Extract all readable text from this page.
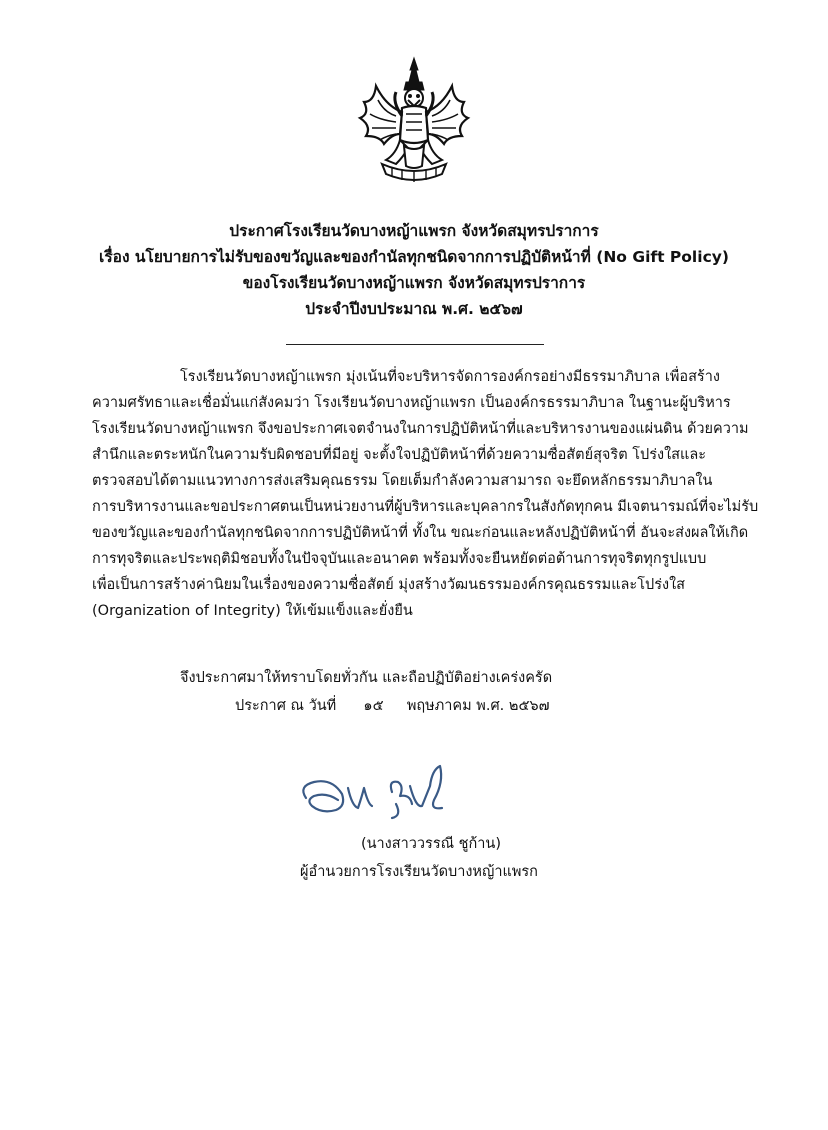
ประกาศโรงเรียนวัดบางหญ้าแพรก จังหวัดสมุทรปราการ
เรื่อง นโยบายการไม่รับของขวัญและของกำนัลทุกชนิดจากการปฏิบัติหน้าที่ (No Gift Policy)
ของโรงเรียนวัดบางหญ้าแพรก จังหวัดสมุทรปราการ
ประจำปีงบประมาณ พ.ศ. ๒๕๖๗
โรงเรียนวัดบางหญ้าแพรก มุ่งเน้นที่จะบริหารจัดการองค์กรอย่างมีธรรมาภิบาล เพื่อสร้าง
ความศรัทธาและเชื่อมั่นแก่สังคมว่า โรงเรียนวัดบางหญ้าแพรก เป็นองค์กรธรรมาภิบาล ในฐานะผู้บริหาร
โรงเรียนวัดบางหญ้าแพรก จึงขอประกาศเจตจำนงในการปฏิบัติหน้าที่และบริหารงานของแผ่นดิน ด้วยความ
สำนึกและตระหนักในความรับผิดชอบที่มีอยู่ จะตั้งใจปฏิบัติหน้าที่ด้วยความซื่อสัตย์สุจริต โปร่งใสและ
ตรวจสอบได้ตามแนวทางการส่งเสริมคุณธรรม โดยเต็มกำลังความสามารถ จะยึดหลักธรรมาภิบาลใน
การบริหารงานและขอประกาศตนเป็นหน่วยงานที่ผู้บริหารและบุคลากรในสังกัดทุกคน มีเจตนารมณ์ที่จะไม่รับ
ของขวัญและของกำนัลทุกชนิดจากการปฏิบัติหน้าที่ ทั้งใน ขณะก่อนและหลังปฏิบัติหน้าที่ อันจะส่งผลให้เกิด
การทุจริตและประพฤติมิชอบทั้งในปัจจุบันและอนาคต พร้อมทั้งจะยืนหยัดต่อต้านการทุจริตทุกรูปแบบ
เพื่อเป็นการสร้างค่านิยมในเรื่องของความซื่อสัตย์ มุ่งสร้างวัฒนธรรมองค์กรคุณธรรมและโปร่งใส
(Organization of Integrity) ให้เข้มแข็งและยั่งยืน
จึงประกาศมาให้ทราบโดยทั่วกัน และถือปฏิบัติอย่างเคร่งครัด
ประกาศ ณ วันที่ ๑๕ พฤษภาคม พ.ศ. ๒๕๖๗
(นางสาววรรณี ชูก้าน)
ผู้อำนวยการโรงเรียนวัดบางหญ้าแพรก
